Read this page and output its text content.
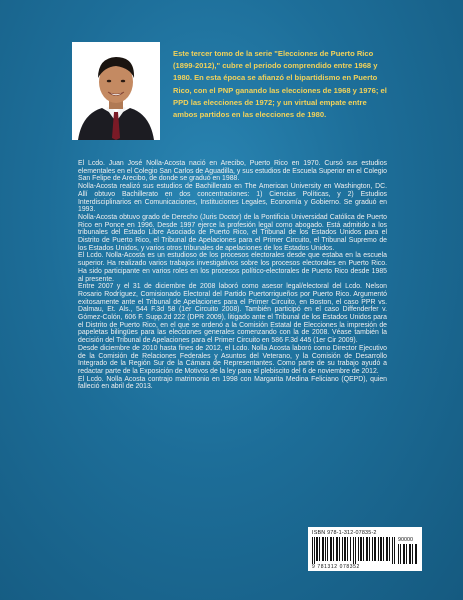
Este tercer tomo de la serie "Elecciones de Puerto Rico (1899-2012)," cubre el periodo comprendido entre 1968 y 1980. En esta época se afianzó el bipartidismo en Puerto Rico, con el PNP ganando las elecciones de 1968 y 1976; el PPD las elecciones de 1972; y un virtual empate entre ambos partidos en las elecciones de 1980.

El Lcdo. Juan José Nolla-Acosta nació en Arecibo, Puerto Rico en 1970. Cursó sus estudios elementales en el Colegio San Carlos de Aguadilla, y sus estudios de Escuela Superior en el Colegio San Felipe de Arecibo, de donde se graduó en 1988.

Nolla-Acosta realizó sus estudios de Bachillerato en The American University en Washington, DC. Allí obtuvo Bachillerato en dos concentraciones: 1) Ciencias Políticas, y 2) Estudios Interdisciplinarios en Comunicaciones, Instituciones Legales, Economía y Gobierno. Se graduó en 1993.

Nolla-Acosta obtuvo grado de Derecho (Juris Doctor) de la Pontificia Universidad Católica de Puerto Rico en Ponce en 1996. Desde 1997 ejerce la profesión legal como abogado. Está admitido a los tribunales del Estado Libre Asociado de Puerto Rico, el Tribunal de los Estados Unidos para el Distrito de Puerto Rico, el Tribunal de Apelaciones para el Primer Circuito, el Tribunal Supremo de los Estados Unidos, y varios otros tribunales de apelaciones de los Estados Unidos.

El Lcdo. Nolla-Acosta es un estudioso de los procesos electorales desde que estaba en la escuela superior. Ha realizado varios trabajos investigativos sobre los procesos electorales en Puerto Rico. Ha sido participante en varios roles en los procesos político-electorales de Puerto Rico desde 1985 al presente.

Entre 2007 y el 31 de diciembre de 2008 laboró como asesor legal/electoral del Lcdo. Nelson Rosario Rodríguez, Comisionado Electoral del Partido Puertorriqueños por Puerto Rico. Argumentó exitosamente ante el Tribunal de Apelaciones para el Primer Circuito, en Boston, el caso PPR vs. Dalmau, Et. Als., 544 F.3d 58 (1er Circuito 2008). También participó en el caso Diffenderfer v. Gómez-Colón, 606 F. Supp.2d 222 (DPR 2009), litigado ante el Tribunal de los Estados Unidos para el Distrito de Puerto Rico, en el que se ordenó a la Comisión Estatal de Elecciones la impresión de papeletas bilingües para las elecciones generales comenzando con la de 2008. Véase también la decisión del Tribunal de Apelaciones para el Primer Circuito en 586 F.3d 445 (1er Cir 2009).

Desde diciembre de 2010 hasta fines de 2012, el Lcdo. Nolla Acosta laboró como Director Ejecutivo de la Comisión de Relaciones Federales y Asuntos del Veterano, y la Comisión de Desarrollo Integrado de la Región Sur de la Cámara de Representantes. Como parte de su trabajo ayudó a redactar parte de la Exposición de Motivos de la ley para el plebiscito del 6 de noviembre de 2012.

El Lcdo. Nolla Acosta contrajo matrimonio en 1998 con Margarita Medina Feliciano (QEPD), quien falleció en abril de 2013.

ISBN 978-1-312-07835-2
90000
9 781312 078352
